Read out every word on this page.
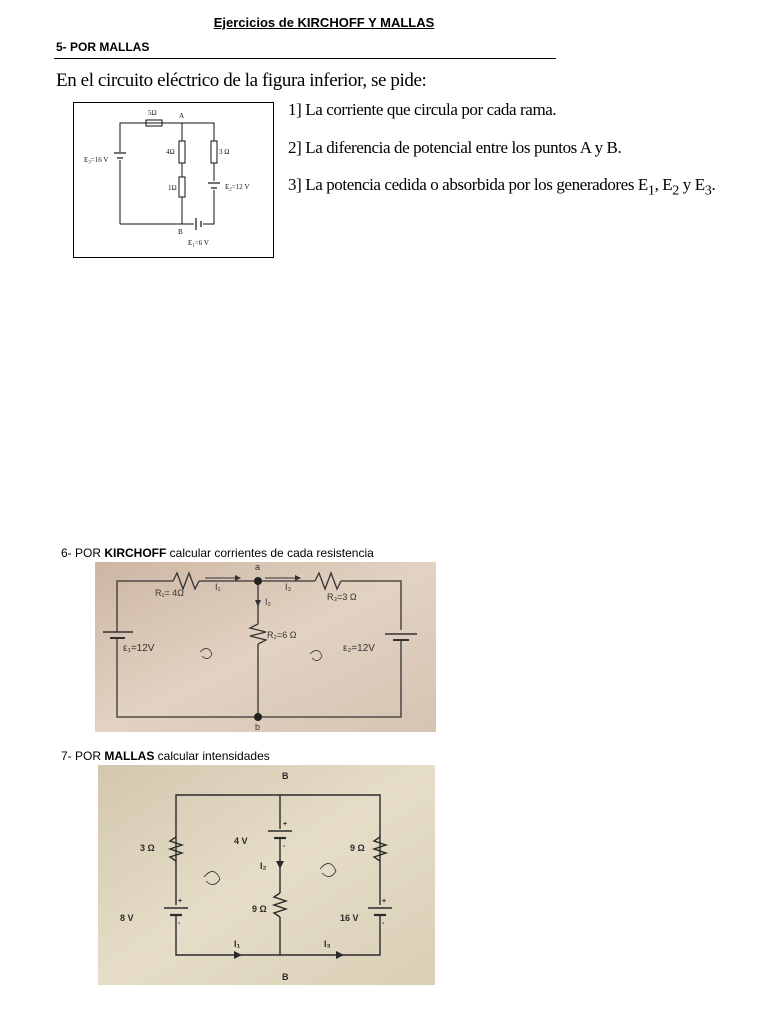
Ejercicios de KIRCHOFF Y MALLAS
5- POR MALLAS
En el circuito eléctrico de la figura inferior, se pide:
1] La corriente que circula por cada rama.
2] La diferencia de potencial entre los puntos A y B.
3] La potencia cedida o absorbida por los generadores $E_1$, $E_2$ y $E_3$.
5Ω	A
4Ω	3 Ω
$E_3=16$ V
1Ω	$E_2=12$ V
B
$E_1=6$ V
6- POR KIRCHOFF calcular corrientes de cada resistencia
a
b
R₁= 4Ω
I₁	I₃
R₃=3 Ω
I₂
R₂=6 Ω
ε₁=12V	ε₂=12V
7- POR MALLAS calcular intensidades
B
B
3 Ω
8 V
4 V
I₂
9 Ω
9 Ω
16 V
I₁	I₃
+
-
+
-
+
-
